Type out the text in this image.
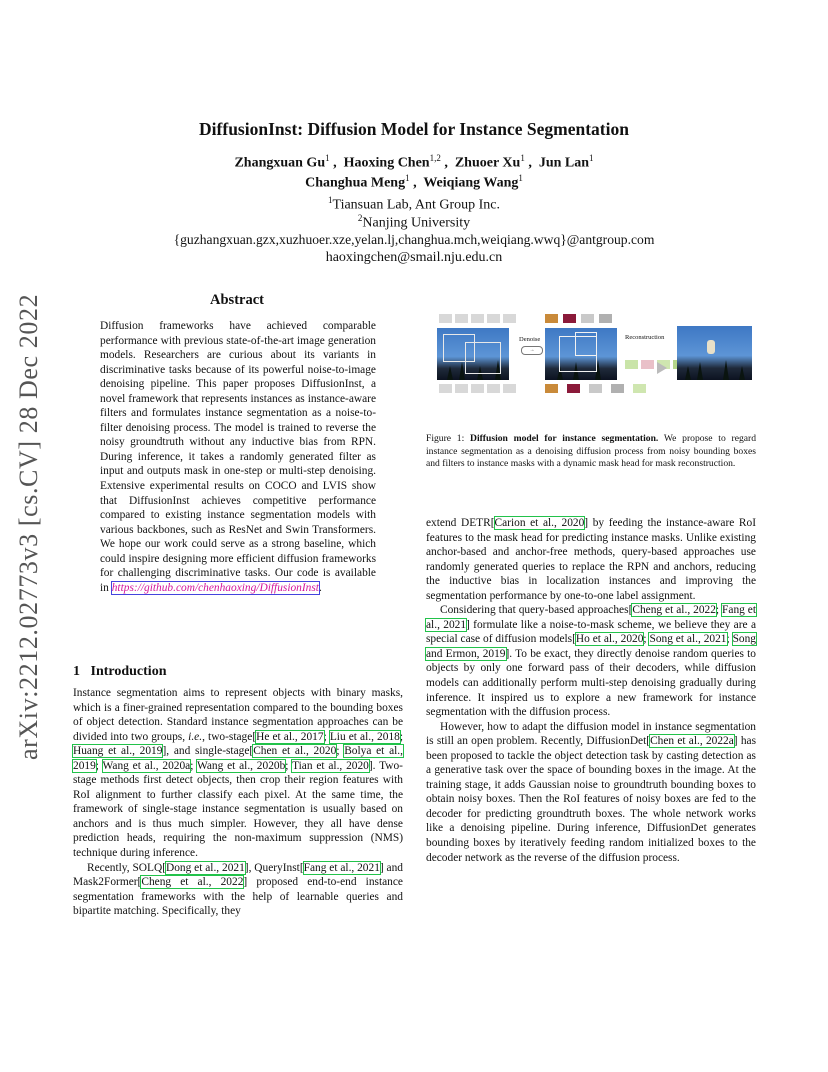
arXiv:2212.02773v3 [cs.CV] 28 Dec 2022
DiffusionInst: Diffusion Model for Instance Segmentation
Zhangxuan Gu$^1$ ,  Haoxing Chen$^{1,2}$ ,  Zhuoer Xu$^1$ ,  Jun Lan$^1$
Changhua Meng$^1$ ,  Weiqiang Wang$^1$
$^1$Tiansuan Lab, Ant Group Inc.
$^2$Nanjing University
{guzhangxuan.gzx,xuzhuoer.xze,yelan.lj,changhua.mch,weiqiang.wwq}@antgroup.com
haoxingchen@smail.nju.edu.cn
Abstract
Diffusion frameworks have achieved comparable performance with previous state-of-the-art image generation models. Researchers are curious about its variants in discriminative tasks because of its powerful noise-to-image denoising pipeline. This paper proposes DiffusionInst, a novel framework that represents instances as instance-aware filters and formulates instance segmentation as a noise-to-filter denoising process. The model is trained to reverse the noisy groundtruth without any inductive bias from RPN. During inference, it takes a randomly generated filter as input and outputs mask in one-step or multi-step denoising. Extensive experimental results on COCO and LVIS show that DiffusionInst achieves competitive performance compared to existing instance segmentation models with various backbones, such as ResNet and Swin Transformers. We hope our work could serve as a strong baseline, which could inspire designing more efficient diffusion frameworks for challenging discriminative tasks. Our code is available in https://github.com/chenhaoxing/DiffusionInst.
Denoise
→
Reconstruction
Figure 1: Diffusion model for instance segmentation. We propose to regard instance segmentation as a denoising diffusion process from noisy bounding boxes and filters to instance masks with a dynamic mask head for mask reconstruction.
1 Introduction

Instance segmentation aims to represent objects with binary masks, which is a finer-grained representation compared to the bounding boxes of object detection. Standard instance segmentation approaches can be divided into two groups, i.e., two-stage[He et al., 2017; Liu et al., 2018; Huang et al., 2019], and single-stage[Chen et al., 2020; Bolya et al., 2019; Wang et al., 2020a; Wang et al., 2020b; Tian et al., 2020]. Two-stage methods first detect objects, then crop their region features with RoI alignment to further classify each pixel. At the same time, the framework of single-stage instance segmentation is usually based on anchors and is thus much simpler. However, they all have dense prediction heads, requiring the non-maximum suppression (NMS) technique during inference.

Recently, SOLQ[Dong et al., 2021], QueryInst[Fang et al., 2021] and Mask2Former[Cheng et al., 2022] proposed end-to-end instance segmentation frameworks with the help of learnable queries and bipartite matching. Specifically, they

extend DETR[Carion et al., 2020] by feeding the instance-aware RoI features to the mask head for predicting instance masks. Unlike existing anchor-based and anchor-free methods, query-based approaches use randomly generated queries to replace the RPN and anchors, reducing the inductive bias in localization instances and improving the segmentation performance by one-to-one label assignment.

Considering that query-based approaches[Cheng et al., 2022; Fang et al., 2021] formulate like a noise-to-mask scheme, we believe they are a special case of diffusion models[Ho et al., 2020; Song et al., 2021; Song and Ermon, 2019]. To be exact, they directly denoise random queries to objects by only one forward pass of their decoders, while diffusion models can additionally perform multi-step denoising gradually during inference. It inspired us to explore a new framework for instance segmentation with the diffusion process.

However, how to adapt the diffusion model in instance segmentation is still an open problem. Recently, DiffusionDet[Chen et al., 2022a] has been proposed to tackle the object detection task by casting detection as a generative task over the space of bounding boxes in the image. At the training stage, it adds Gaussian noise to groundtruth bounding boxes to obtain noisy boxes. Then the RoI features of noisy boxes are fed to the decoder for predicting groundtruth boxes. The whole network works like a denoising pipeline. During inference, DiffusionDet generates bounding boxes by iteratively feeding random initialized boxes to the decoder network as the reverse of the diffusion process.
